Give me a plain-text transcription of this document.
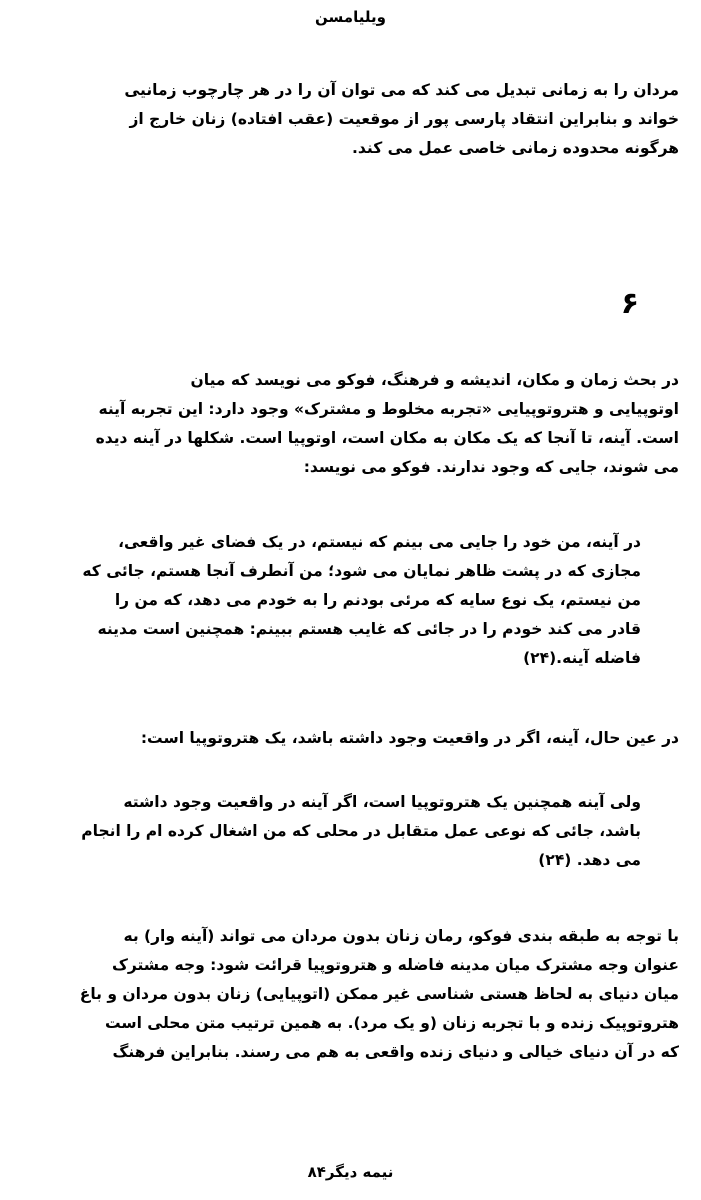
ویلیامسن
مردان را به زمانی تبدیل می کند که می توان آن را در هر چارچوب زمانیی
خواند و بنابراین انتقاد پارسی پور از موقعیت (عقب افتاده) زنان خارج از
هرگونه محدوده زمانی خاصی عمل می کند.
۶
در بحث زمان و مکان، اندیشه و فرهنگ، فوکو می نویسد که میان
اوتوپیایی و هتروتوپیایی «تجربه مخلوط و مشترک» وجود دارد: این تجربه آینه
است. آینه، تا آنجا که یک مکان به مکان است، اوتوپیا است. شکلها در آینه دیده
می شوند، جایی که وجود ندارند. فوکو می نویسد:
در آینه، من خود را جایی می بینم که نیستم، در یک فضای غیر واقعی،
مجازی که در پشت ظاهر نمایان می شود؛ من آنطرف آنجا هستم، جائی که
من نیستم، یک نوع سایه که مرئی بودنم را به خودم می دهد، که من را
قادر می کند خودم را در جائی که غایب هستم ببینم: همچنین است مدینه
فاضله آینه.(۲۴)
در عین حال، آینه، اگر در واقعیت وجود داشته باشد، یک هتروتوپیا است:
ولی آینه همچنین یک هتروتوپیا است، اگر آینه در واقعیت وجود داشته
باشد، جائی که نوعی عمل متقابل در محلی که من اشغال کرده ام را انجام
می دهد. (۲۴)
با توجه به طبقه بندی فوکو، رمان زنان بدون مردان می تواند (آینه وار) به
عنوان وجه مشترک میان مدینه فاضله و هتروتوپیا قرائت شود: وجه مشترک
میان دنیای به لحاظ هستی شناسی غیر ممکن (اتوپیایی) زنان بدون مردان و باغ
هتروتوپیک زنده و با تجربه زنان (و یک مرد). به همین ترتیب متن محلی است
که در آن دنیای خیالی و دنیای زنده واقعی به هم می رسند. بنابراین فرهنگ
نیمه دیگر۸۴
